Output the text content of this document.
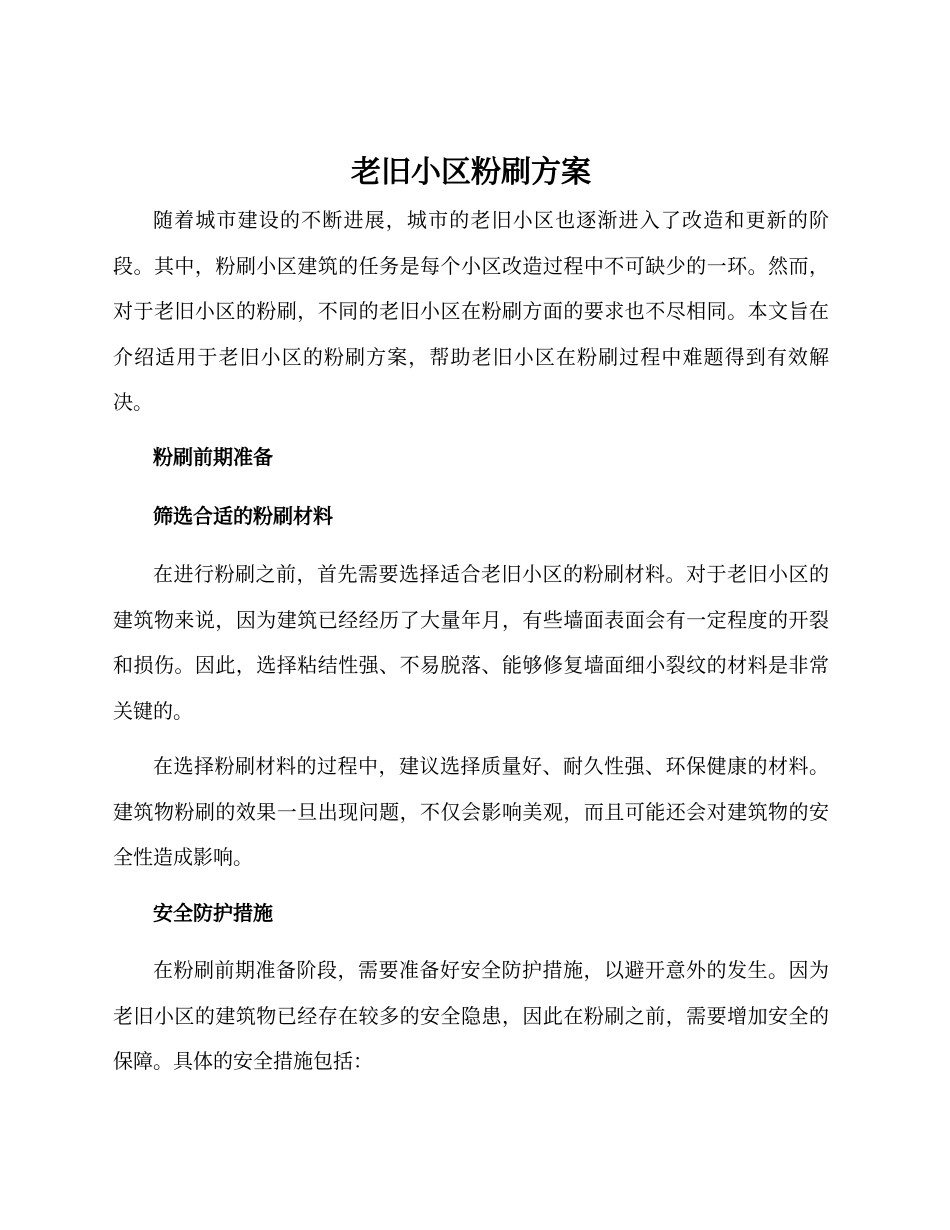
老旧小区粉刷方案

随着城市建设的不断进展，城市的老旧小区也逐渐进入了改造和更新的阶段。其中，粉刷小区建筑的任务是每个小区改造过程中不可缺少的一环。然而，对于老旧小区的粉刷，不同的老旧小区在粉刷方面的要求也不尽相同。本文旨在介绍适用于老旧小区的粉刷方案，帮助老旧小区在粉刷过程中难题得到有效解决。

粉刷前期准备

筛选合适的粉刷材料

在进行粉刷之前，首先需要选择适合老旧小区的粉刷材料。对于老旧小区的建筑物来说，因为建筑已经经历了大量年月，有些墙面表面会有一定程度的开裂和损伤。因此，选择粘结性强、不易脱落、能够修复墙面细小裂纹的材料是非常关键的。

在选择粉刷材料的过程中，建议选择质量好、耐久性强、环保健康的材料。建筑物粉刷的效果一旦出现问题，不仅会影响美观，而且可能还会对建筑物的安全性造成影响。

安全防护措施

在粉刷前期准备阶段，需要准备好安全防护措施，以避开意外的发生。因为老旧小区的建筑物已经存在较多的安全隐患，因此在粉刷之前，需要增加安全的保障。具体的安全措施包括：
